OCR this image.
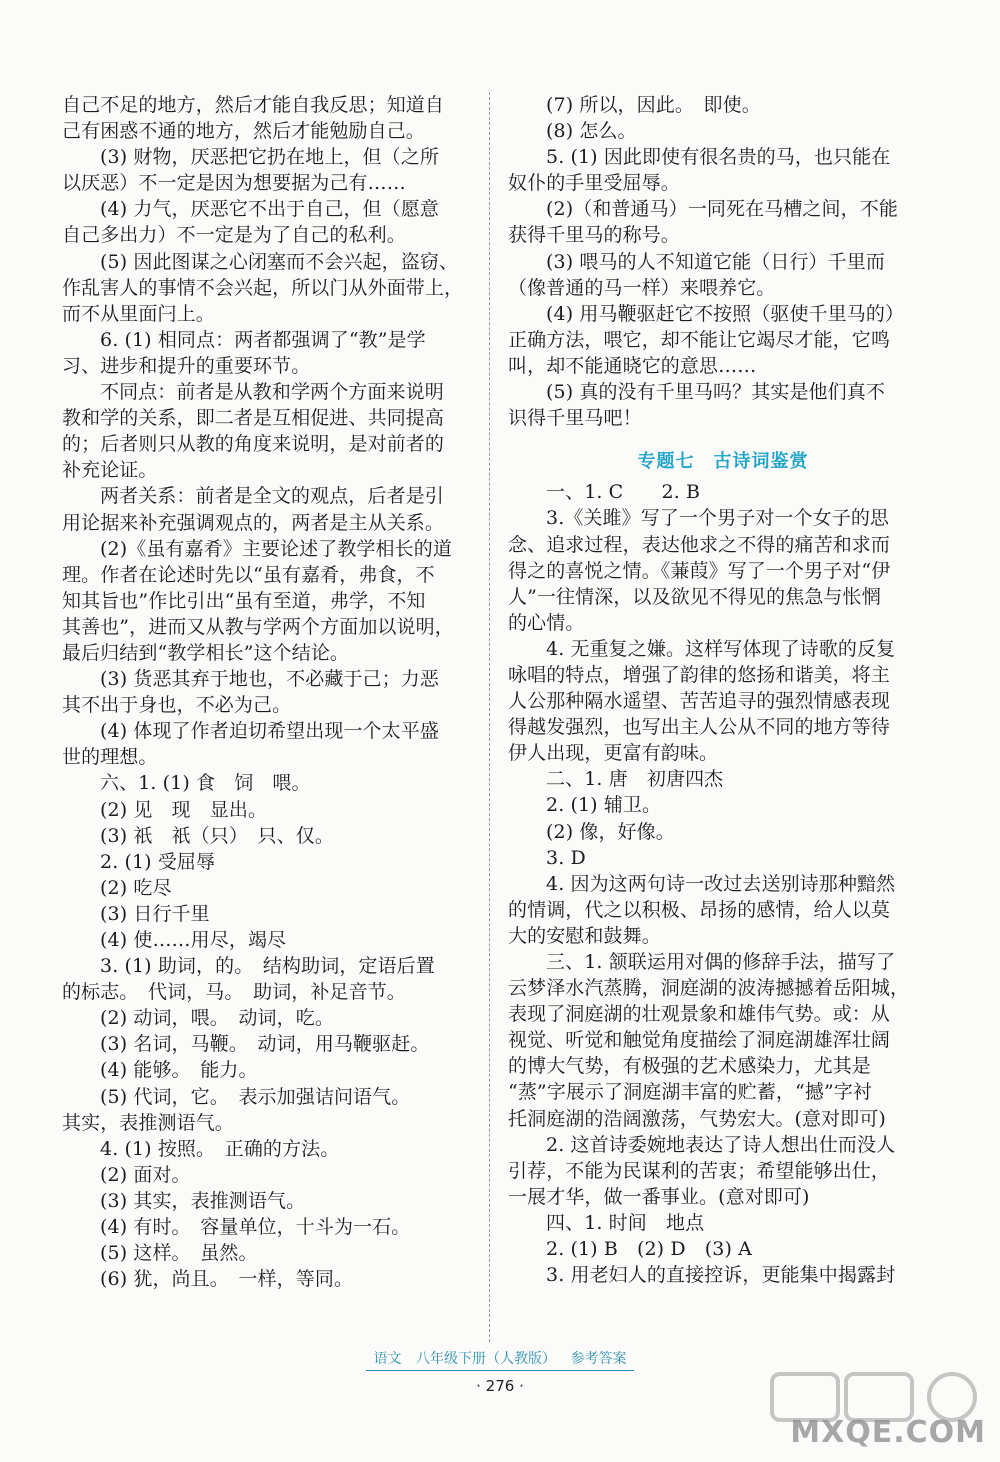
自己不足的地方，然后才能自我反思；知道自
己有困惑不通的地方，然后才能勉励自己。
(3) 财物，厌恶把它扔在地上，但（之所
以厌恶）不一定是因为想要据为己有……
(4) 力气，厌恶它不出于自己，但（愿意
自己多出力）不一定是为了自己的私利。
(5) 因此图谋之心闭塞而不会兴起，盗窃、
作乱害人的事情不会兴起，所以门从外面带上，
而不从里面闩上。
6. (1) 相同点：两者都强调了“教”是学
习、进步和提升的重要环节。
不同点：前者是从教和学两个方面来说明
教和学的关系，即二者是互相促进、共同提高
的；后者则只从教的角度来说明，是对前者的
补充论证。
两者关系：前者是全文的观点，后者是引
用论据来补充强调观点的，两者是主从关系。
(2)《虽有嘉肴》主要论述了教学相长的道
理。作者在论述时先以“虽有嘉肴，弗食，不
知其旨也”作比引出“虽有至道，弗学，不知
其善也”，进而又从教与学两个方面加以说明，
最后归结到“教学相长”这个结论。
(3) 货恶其弃于地也，不必藏于己；力恶
其不出于身也，不必为己。
(4) 体现了作者迫切希望出现一个太平盛
世的理想。
六、1. (1) 食　饲　喂。
(2) 见　现　显出。
(3) 祇　祇（只）　只、仅。
2. (1) 受屈辱
(2) 吃尽
(3) 日行千里
(4) 使……用尽，竭尽
3. (1) 助词，的。　结构助词，定语后置
的标志。　代词，马。　助词，补足音节。
(2) 动词，喂。　动词，吃。
(3) 名词，马鞭。　动词，用马鞭驱赶。
(4) 能够。　能力。
(5) 代词，它。　表示加强诘问语气。
其实，表推测语气。
4. (1) 按照。　正确的方法。
(2) 面对。
(3) 其实，表推测语气。
(4) 有时。　容量单位，十斗为一石。
(5) 这样。　虽然。
(6) 犹，尚且。　一样，等同。
(7) 所以，因此。　即使。
(8) 怎么。
5. (1) 因此即使有很名贵的马，也只能在
奴仆的手里受屈辱。
(2)（和普通马）一同死在马槽之间，不能
获得千里马的称号。
(3) 喂马的人不知道它能（日行）千里而
（像普通的马一样）来喂养它。
(4) 用马鞭驱赶它不按照（驱使千里马的）
正确方法，喂它，却不能让它竭尽才能，它鸣
叫，却不能通晓它的意思……
(5) 真的没有千里马吗？其实是他们真不
识得千里马吧！
专题七　古诗词鉴赏
一、1. C　　2. B
3.《关雎》写了一个男子对一个女子的思
念、追求过程，表达他求之不得的痛苦和求而
得之的喜悦之情。《蒹葭》写了一个男子对“伊
人”一往情深，以及欲见不得见的焦急与怅惘
的心情。
4. 无重复之嫌。这样写体现了诗歌的反复
咏唱的特点，增强了韵律的悠扬和谐美，将主
人公那种隔水遥望、苦苦追寻的强烈情感表现
得越发强烈，也写出主人公从不同的地方等待
伊人出现，更富有韵味。
二、1. 唐　初唐四杰
2. (1) 辅卫。
(2) 像，好像。
3. D
4. 因为这两句诗一改过去送别诗那种黯然
的情调，代之以积极、昂扬的感情，给人以莫
大的安慰和鼓舞。
三、1. 颔联运用对偶的修辞手法，描写了
云梦泽水汽蒸腾，洞庭湖的波涛撼撼着岳阳城，
表现了洞庭湖的壮观景象和雄伟气势。或：从
视觉、听觉和触觉角度描绘了洞庭湖雄浑壮阔
的博大气势，有极强的艺术感染力，尤其是
“蒸”字展示了洞庭湖丰富的贮蓄，“撼”字衬
托洞庭湖的浩阔激荡，气势宏大。(意对即可)
2. 这首诗委婉地表达了诗人想出仕而没人
引荐，不能为民谋利的苦衷；希望能够出仕，
一展才华，做一番事业。(意对即可)
四、1. 时间　地点
2. (1) B　(2) D　(3) A
3. 用老妇人的直接控诉，更能集中揭露封
语文 八年级下册（人教版） 参考答案
· 276 ·
MXQE.COM
